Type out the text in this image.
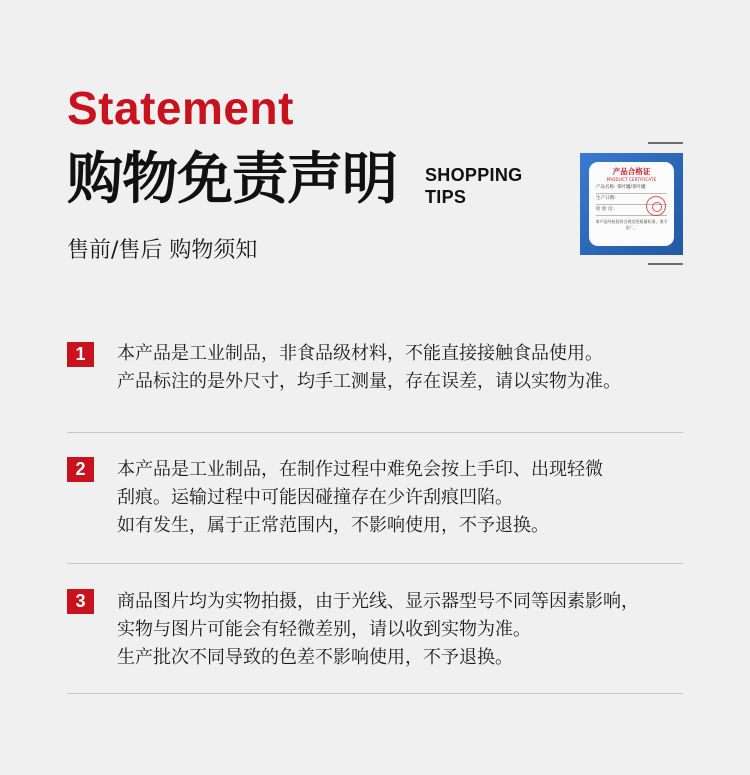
Statement
购物免责声明 SHOPPING
TIPS
售前/售后 购物须知
产品合格证
PRODUCT CERTIFICATE
产品名称: 茶叶罐/茶叶罐
生产日期:
检 验 员:
本产品经检验符合规定的质量标准，准予出厂。
1	本产品是工业制品，非食品级材料，不能直接接触食品使用。
产品标注的是外尺寸，均手工测量，存在误差，请以实物为准。
2	本产品是工业制品，在制作过程中难免会按上手印、出现轻微
刮痕。运输过程中可能因碰撞存在少许刮痕凹陷。
如有发生，属于正常范围内，不影响使用，不予退换。
3	商品图片均为实物拍摄，由于光线、显示器型号不同等因素影响，
实物与图片可能会有轻微差别，请以收到实物为准。
生产批次不同导致的色差不影响使用，不予退换。
